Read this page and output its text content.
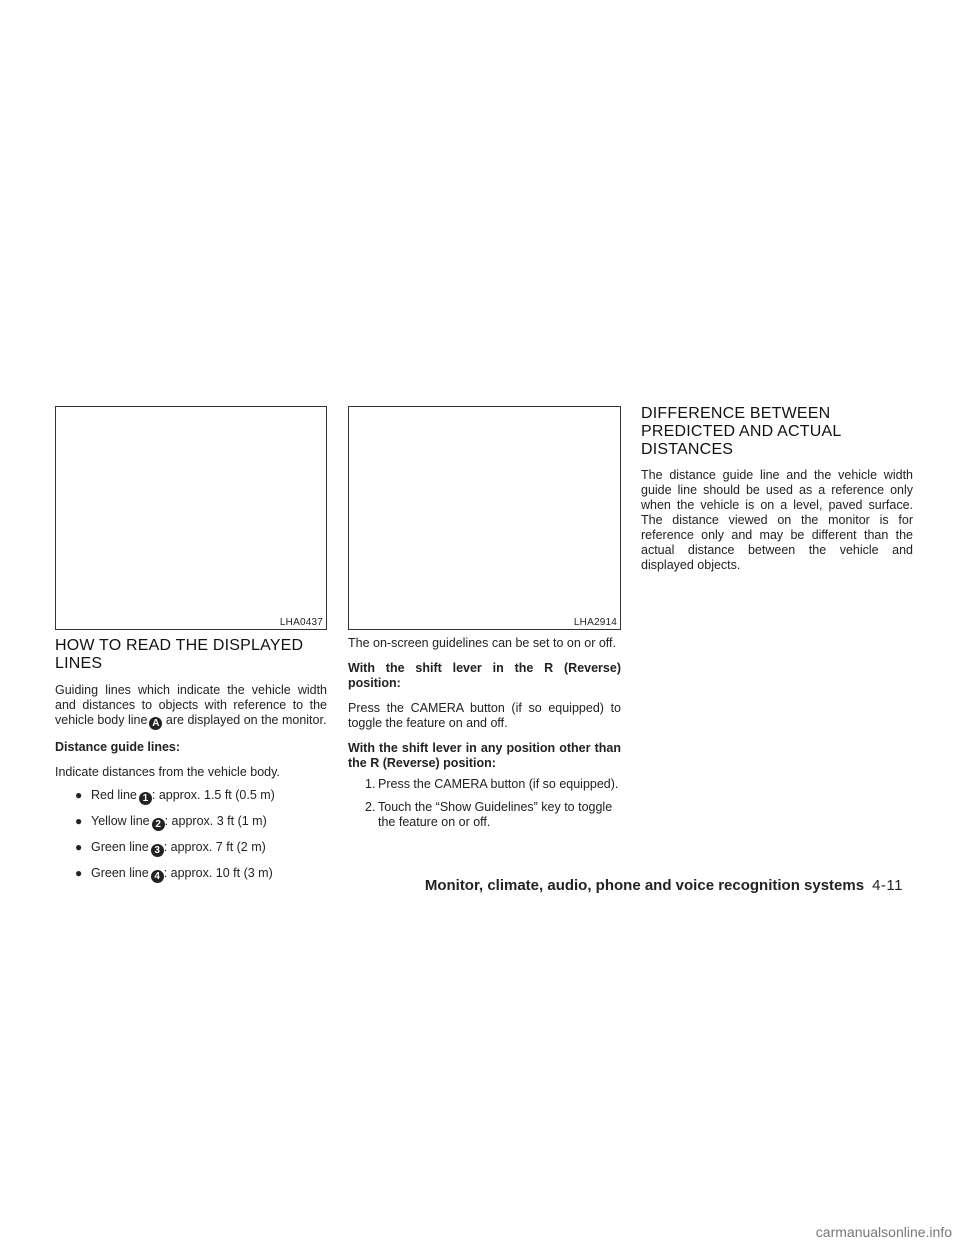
LHA0437	LHA2914
HOW TO READ THE DISPLAYED LINES

Guiding lines which indicate the vehicle width and distances to objects with reference to the vehicle body line A are displayed on the monitor.

Distance guide lines:

Indicate distances from the vehicle body.

● Red line 1 : approx. 1.5 ft (0.5 m)
● Yellow line 2 : approx. 3 ft (1 m)
● Green line 3 : approx. 7 ft (2 m)
● Green line 4 : approx. 10 ft (3 m)

The on-screen guidelines can be set to on or off.

With the shift lever in the R (Reverse) position:

Press the CAMERA button (if so equipped) to toggle the feature on and off.

With the shift lever in any position other than the R (Reverse) position:

1. Press the CAMERA button (if so equipped).
2. Touch the “Show Guidelines” key to toggle the feature on or off.
DIFFERENCE BETWEEN PREDICTED AND ACTUAL DISTANCES

The distance guide line and the vehicle width guide line should be used as a reference only when the vehicle is on a level, paved surface. The distance viewed on the monitor is for reference only and may be different than the actual distance between the vehicle and displayed objects.

Monitor, climate, audio, phone and voice recognition systems 4-11
carmanualsonline.info
